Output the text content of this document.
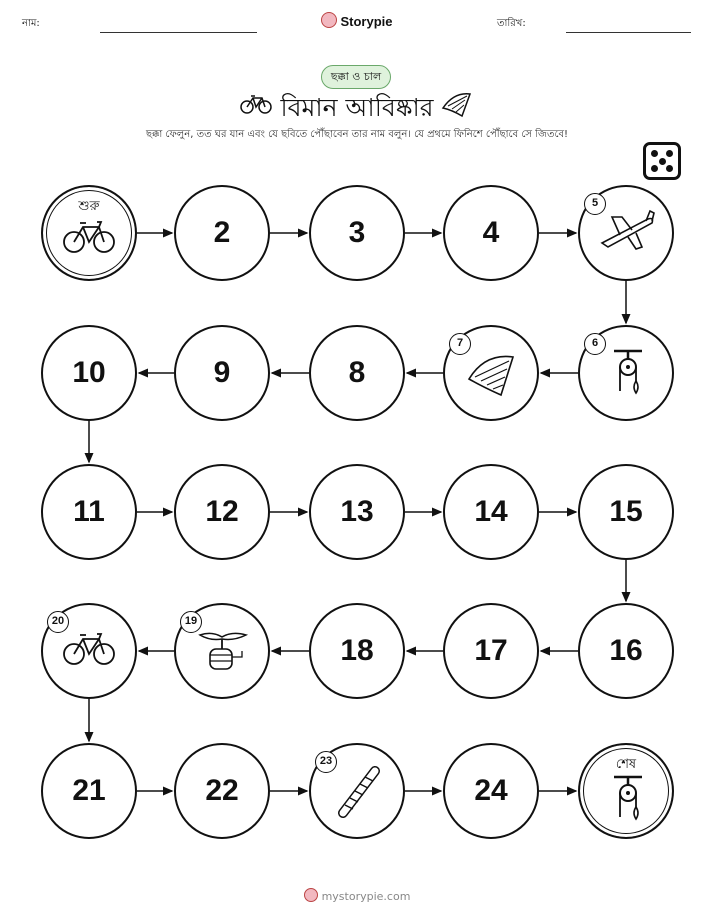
নাম:	Storypie	তারিখ:
ছক্কা ও চাল
বিমান আবিষ্কার
ছক্কা ফেলুন, তত ঘর যান এবং যে ছবিতে পৌঁছাবেন তার নাম বলুন। যে প্রথমে ফিনিশে পৌঁছাবে সে জিতবে!
শুরু
2	3	4
5
6
7
8
9
10
11	12	13	14	15
16
17
18
19
20
21	22
23
24
শেষ
mystorypie.com
